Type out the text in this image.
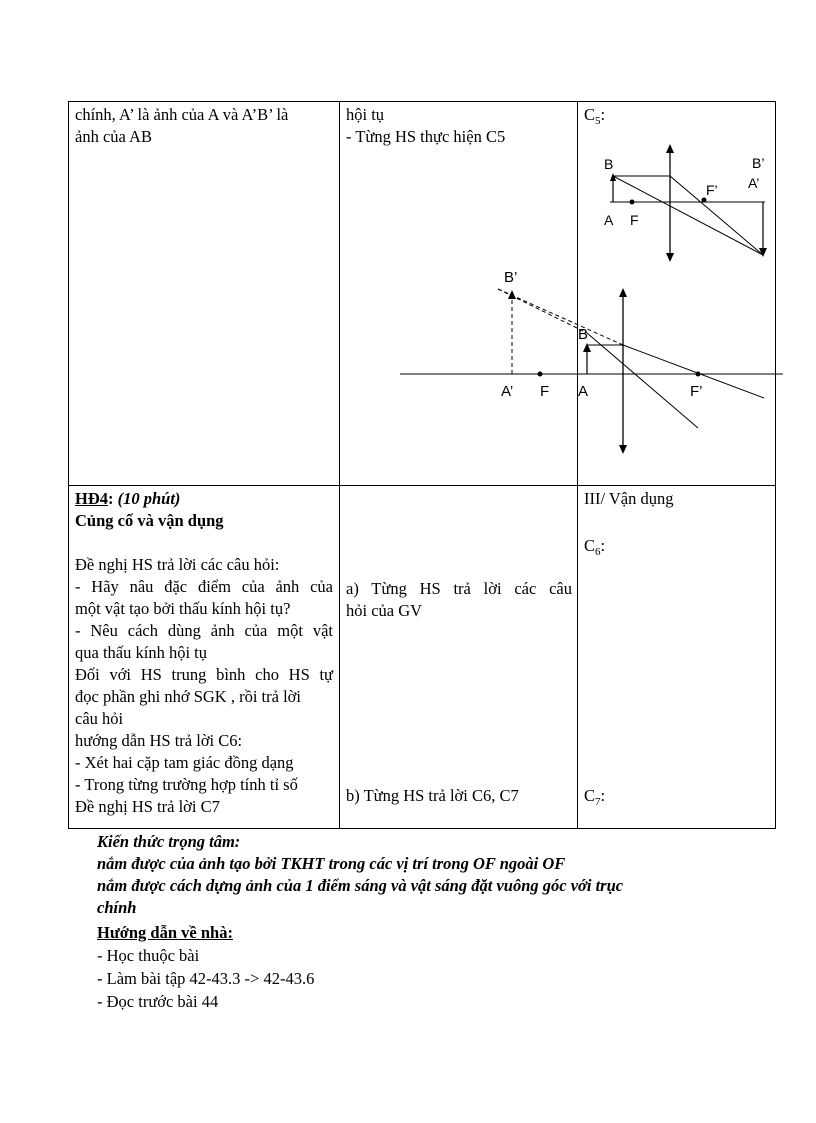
chính, A’ là ảnh của A và A’B’ là
ảnh của AB
hội tụ
- Từng HS thực hiện C5
$C_5$:
B
A F
F’
B’
A’
B’
A’ F
B
A	F’
HĐ4: (10 phút)
Củng cố và vận dụng

Đề nghị HS trả lời các câu hỏi:
- Hãy nâu đặc điểm của ảnh của
một vật tạo bởi thấu kính hội tụ?
- Nêu cách dùng ảnh của một vật
qua thấu kính hội tụ
Đối với HS trung bình cho HS tự
đọc phần ghi nhớ SGK , rồi trả lời
câu hỏi
hướng dẫn HS trả lời C6:
- Xét hai cặp tam giác đồng dạng
- Trong từng trường hợp tính tỉ số
Đề nghị HS trả lời C7
a) Từng HS trả lời các câu
hỏi của GV
b) Từng HS trả lời C6, C7
III/ Vận dụng
$C_6$:
$C_7$:
Kiến thức trọng tâm:
nắm được của ảnh tạo bởi TKHT trong các vị trí trong OF ngoài OF
nắm được cách dựng ảnh của 1 điểm sáng và vật sáng đặt vuông góc với trục
chính
Hướng dẫn về nhà:
- Học thuộc bài
- Làm bài tập 42-43.3 -> 42-43.6
- Đọc trước bài 44
